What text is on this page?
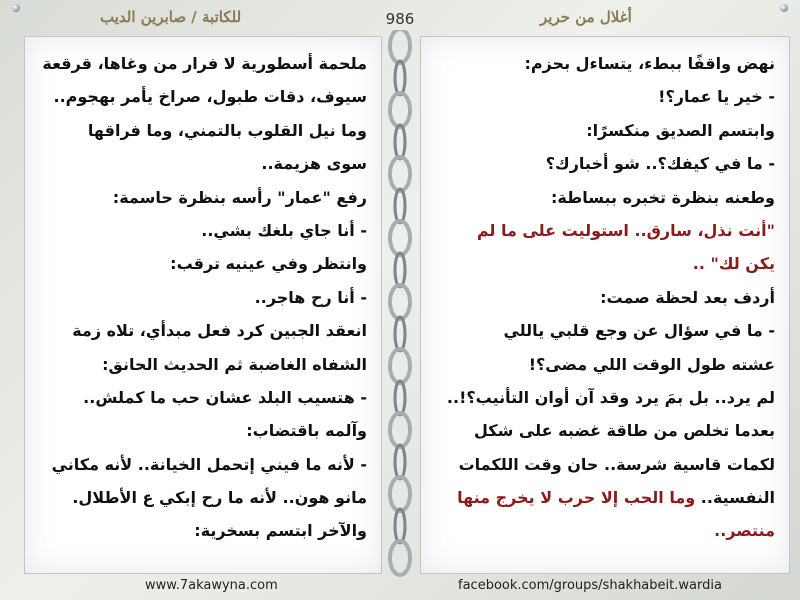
للكاتبة / صابرين الديب	986	أغلال من حرير
ملحمة أسطورية لا فرار من وغاها، قرقعة
سيوف، دقات طبول، صراخ يأمر بهجوم..
وما نيل القلوب بالتمني، وما فراقها
سوى هزيمة..
رفع "عمار" رأسه بنظرة حاسمة:
- أنا جاي بلغك بشي..
وانتظر وفي عينيه ترقب:
- أنا رح هاجر..
انعقد الجبين كرد فعل مبدأي، تلاه زمة
الشفاه الغاضبة ثم الحديث الحانق:
- هتسيب البلد عشان حب ما كملش..
وآلمه باقتضاب:
- لأنه ما فيني إتحمل الخيانة.. لأنه مكاني
مانو هون.. لأنه ما رح إبكي ع الأطلال.
والآخر ابتسم بسخرية:
نهض واقفًا ببطء، يتساءل بحزم:
- خير يا عمار؟!
وابتسم الصديق منكسرًا:
- ما في كيفك؟.. شو أخبارك؟
وطعنه بنظرة تخبره ببساطة:
"أنت نذل، سارق.. استوليت على ما لم
يكن لك" ..
أردف بعد لحظة صمت:
- ما في سؤال عن وجع قلبي ياللي
عشته طول الوقت اللي مضى؟!
لم يرد.. بل بمَ يرد وقد آن أوان التأنيب؟!..
بعدما تخلص من طاقة غضبه على شكل
لكمات قاسية شرسة.. حان وقت اللكمات
النفسية.. وما الحب إلا حرب لا يخرج منها
منتصر..
www.7akawyna.com	facebook.com/groups/shakhabeit.wardia
